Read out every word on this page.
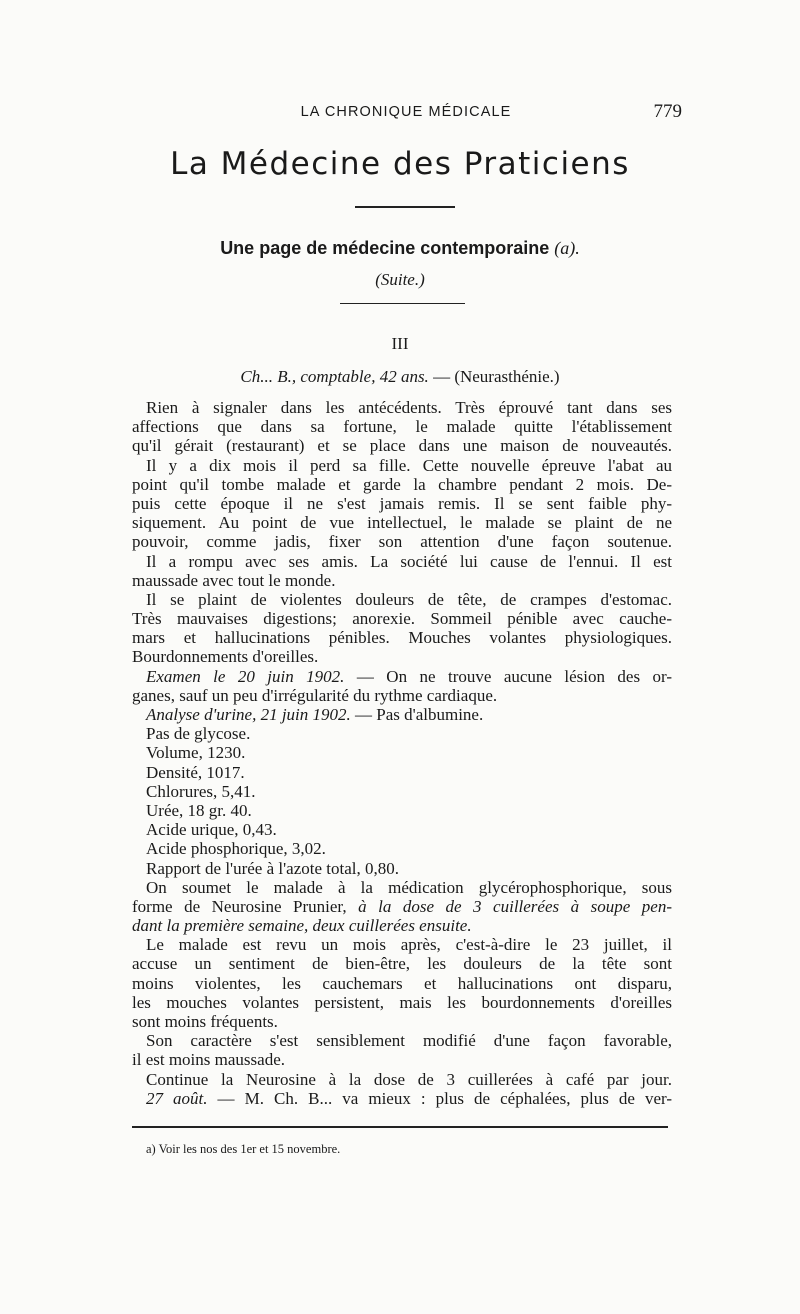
LA CHRONIQUE MÉDICALE	779
La Médecine des Praticiens
Une page de médecine contemporaine (a).
(Suite.)
III
Ch... B., comptable, 42 ans. — (Neurasthénie.)
Rien à signaler dans les antécédents. Très éprouvé tant dans ses
affections que dans sa fortune, le malade quitte l'établissement
qu'il gérait (restaurant) et se place dans une maison de nouveautés.
Il y a dix mois il perd sa fille. Cette nouvelle épreuve l'abat au
point qu'il tombe malade et garde la chambre pendant 2 mois. De-
puis cette époque il ne s'est jamais remis. Il se sent faible phy-
siquement. Au point de vue intellectuel, le malade se plaint de ne
pouvoir, comme jadis, fixer son attention d'une façon soutenue.
Il a rompu avec ses amis. La société lui cause de l'ennui. Il est
maussade avec tout le monde.
Il se plaint de violentes douleurs de tête, de crampes d'estomac.
Très mauvaises digestions; anorexie. Sommeil pénible avec cauche-
mars et hallucinations pénibles. Mouches volantes physiologiques.
Bourdonnements d'oreilles.
Examen le 20 juin 1902. — On ne trouve aucune lésion des or-
ganes, sauf un peu d'irrégularité du rythme cardiaque.
Analyse d'urine, 21 juin 1902. — Pas d'albumine.
Pas de glycose.
Volume, 1230.
Densité, 1017.
Chlorures, 5,41.
Urée, 18 gr. 40.
Acide urique, 0,43.
Acide phosphorique, 3,02.
Rapport de l'urée à l'azote total, 0,80.
On soumet le malade à la médication glycérophosphorique, sous
forme de Neurosine Prunier, à la dose de 3 cuillerées à soupe pen-
dant la première semaine, deux cuillerées ensuite.
Le malade est revu un mois après, c'est-à-dire le 23 juillet, il
accuse un sentiment de bien-être, les douleurs de la tête sont
moins violentes, les cauchemars et hallucinations ont disparu,
les mouches volantes persistent, mais les bourdonnements d'oreilles
sont moins fréquents.
Son caractère s'est sensiblement modifié d'une façon favorable,
il est moins maussade.
Continue la Neurosine à la dose de 3 cuillerées à café par jour.
27 août. — M. Ch. B... va mieux : plus de céphalées, plus de ver-
a) Voir les nos des 1er et 15 novembre.
